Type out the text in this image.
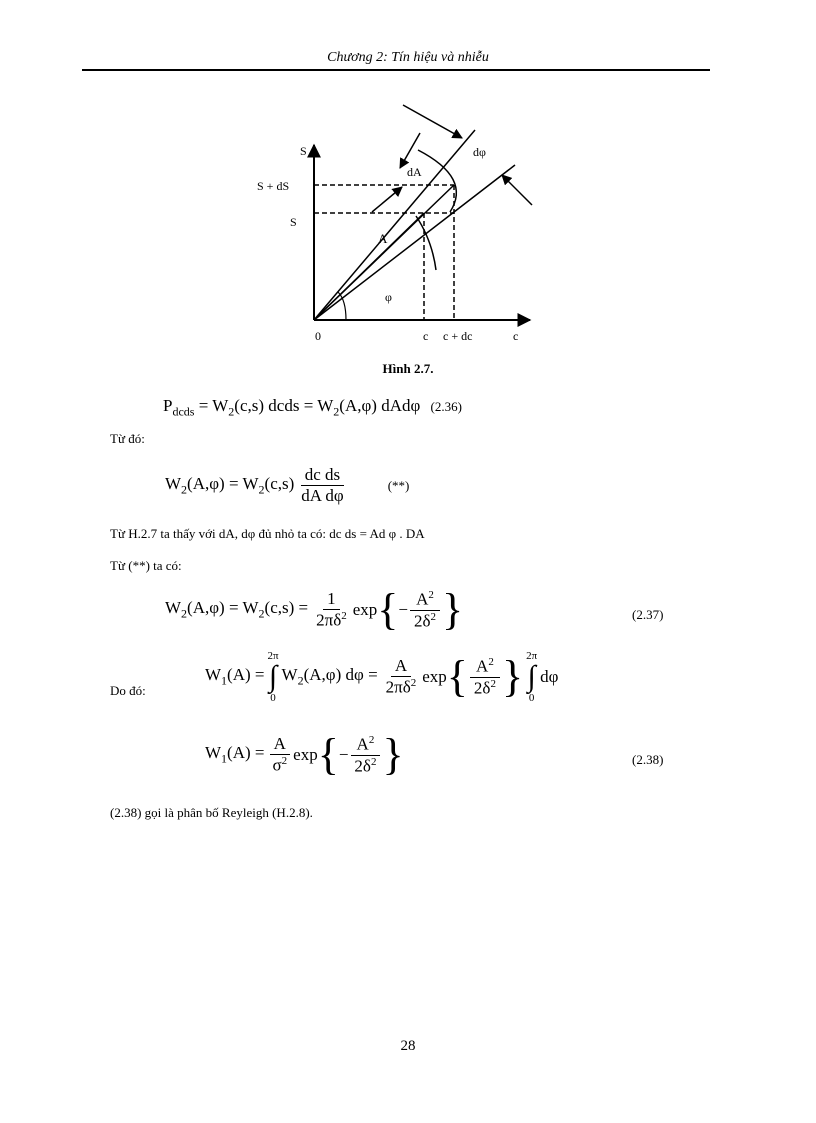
Chương 2: Tín hiệu và nhiễu
S
S + dS
S
dA
dφ
A
φ
0	c c + dc	c
Hình 2.7.
$P_{dcds} = W_2(c,s)$ dcds = $W_2(A,\varphi)$ dAdφ (2.36)
Từ đó:
$W_2(A,\varphi) = W_2(c,s)$ dc ds
dA dφ
(**)
Từ H.2.7 ta thấy với dA, dφ đủ nhỏ ta có: dc ds = Ad φ . DA
Từ (**) ta có:
$W_2(A,\varphi) = W_2(c,s) = \frac{1}{2\pi\delta^2}$ exp { − $\frac{A^2}{2\delta^2}$ }	(2.37)
Do đó:
$W_1(A)$ =
2π
∫
0
$W_2(A,\varphi) d\varphi = \frac{A}{2\pi\delta^2}$ exp { $A^2$
$2\delta^2$ } 2π
∫
0
dφ
$W_1(A) = \frac{A}{\sigma^2}$ exp { − $\frac{A^2}{2\delta^2}$ }	(2.38)
(2.38) gọi là phân bố Reyleigh (H.2.8).
28
